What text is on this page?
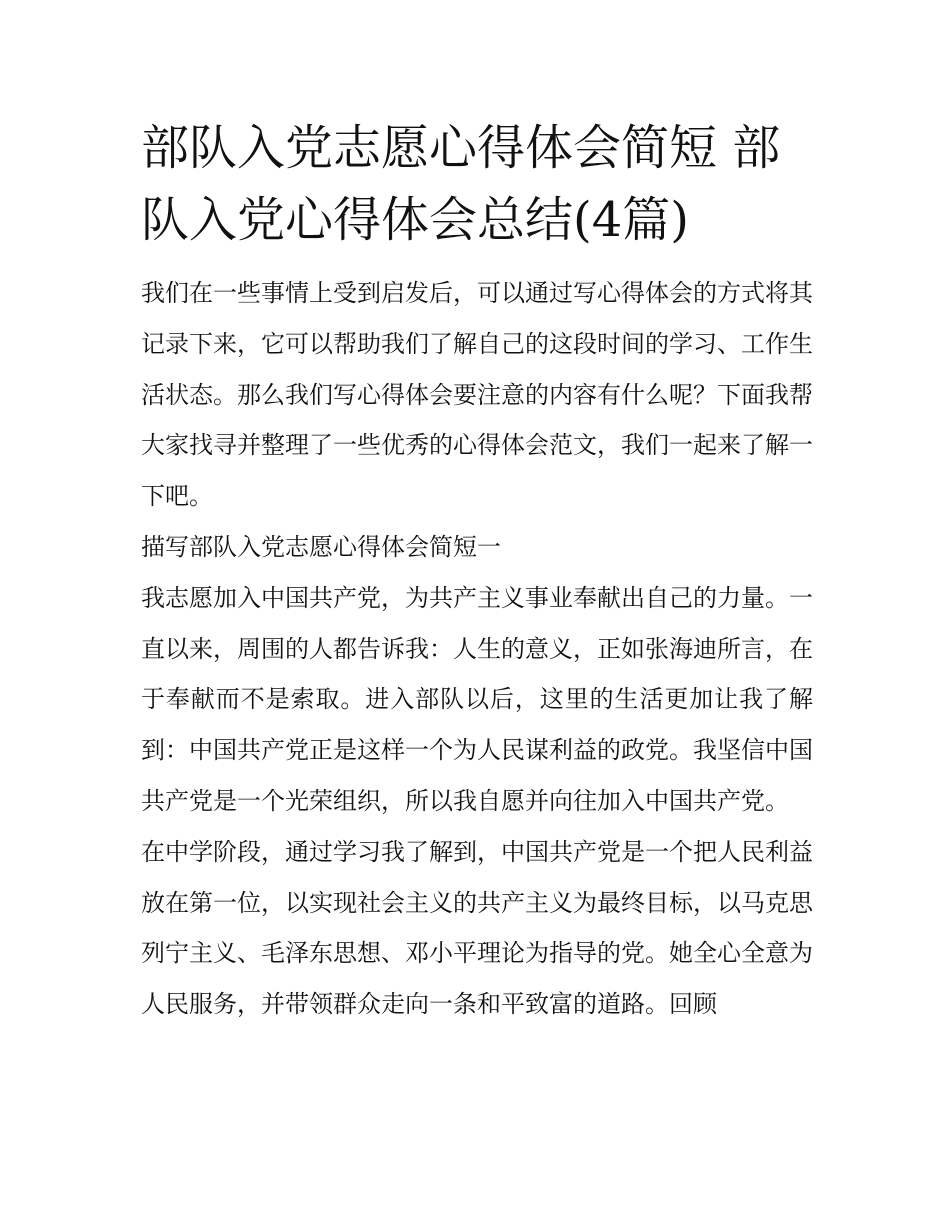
部队入党志愿心得体会简短 部队入党心得体会总结(4篇)

我们在一些事情上受到启发后，可以通过写心得体会的方式将其记录下来，它可以帮助我们了解自己的这段时间的学习、工作生活状态。那么我们写心得体会要注意的内容有什么呢？下面我帮大家找寻并整理了一些优秀的心得体会范文，我们一起来了解一下吧。

描写部队入党志愿心得体会简短一

我志愿加入中国共产党，为共产主义事业奉献出自己的力量。一直以来，周围的人都告诉我：人生的意义，正如张海迪所言，在于奉献而不是索取。进入部队以后，这里的生活更加让我了解到：中国共产党正是这样一个为人民谋利益的政党。我坚信中国共产党是一个光荣组织，所以我自愿并向往加入中国共产党。

在中学阶段，通过学习我了解到，中国共产党是一个把人民利益放在第一位，以实现社会主义的共产主义为最终目标，以马克思列宁主义、毛泽东思想、邓小平理论为指导的党。她全心全意为人民服务，并带领群众走向一条和平致富的道路。回顾
